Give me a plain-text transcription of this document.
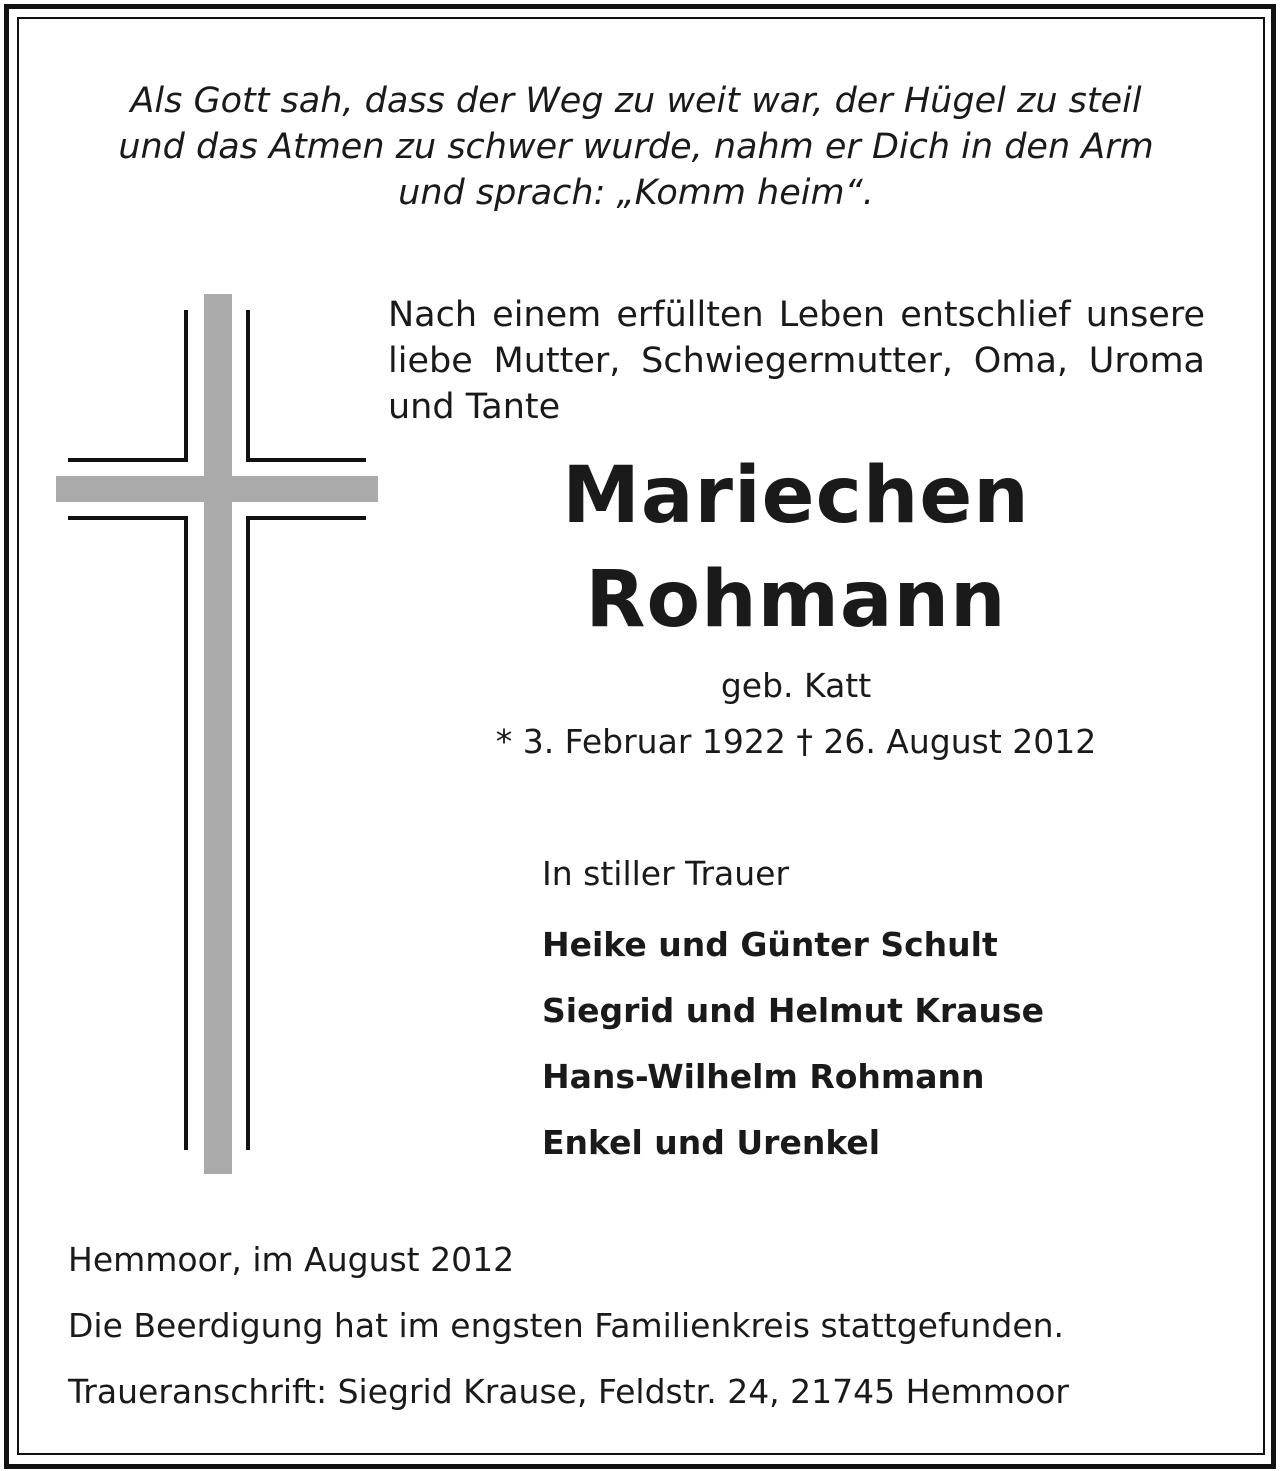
Als Gott sah, dass der Weg zu weit war, der Hügel zu steil
und das Atmen zu schwer wurde, nahm er Dich in den Arm
und sprach: „Komm heim“.
Nach einem erfüllten Leben entschlief unsere liebe Mutter, Schwiegermutter, Oma, Uroma und Tante
Mariechen
Rohmann
geb. Katt
* 3. Februar 1922 † 26. August 2012
In stiller Trauer
Heike und Günter Schult
Siegrid und Helmut Krause
Hans-Wilhelm Rohmann
Enkel und Urenkel
Hemmoor, im August 2012
Die Beerdigung hat im engsten Familienkreis stattgefunden.
Traueranschrift: Siegrid Krause, Feldstr. 24, 21745 Hemmoor
